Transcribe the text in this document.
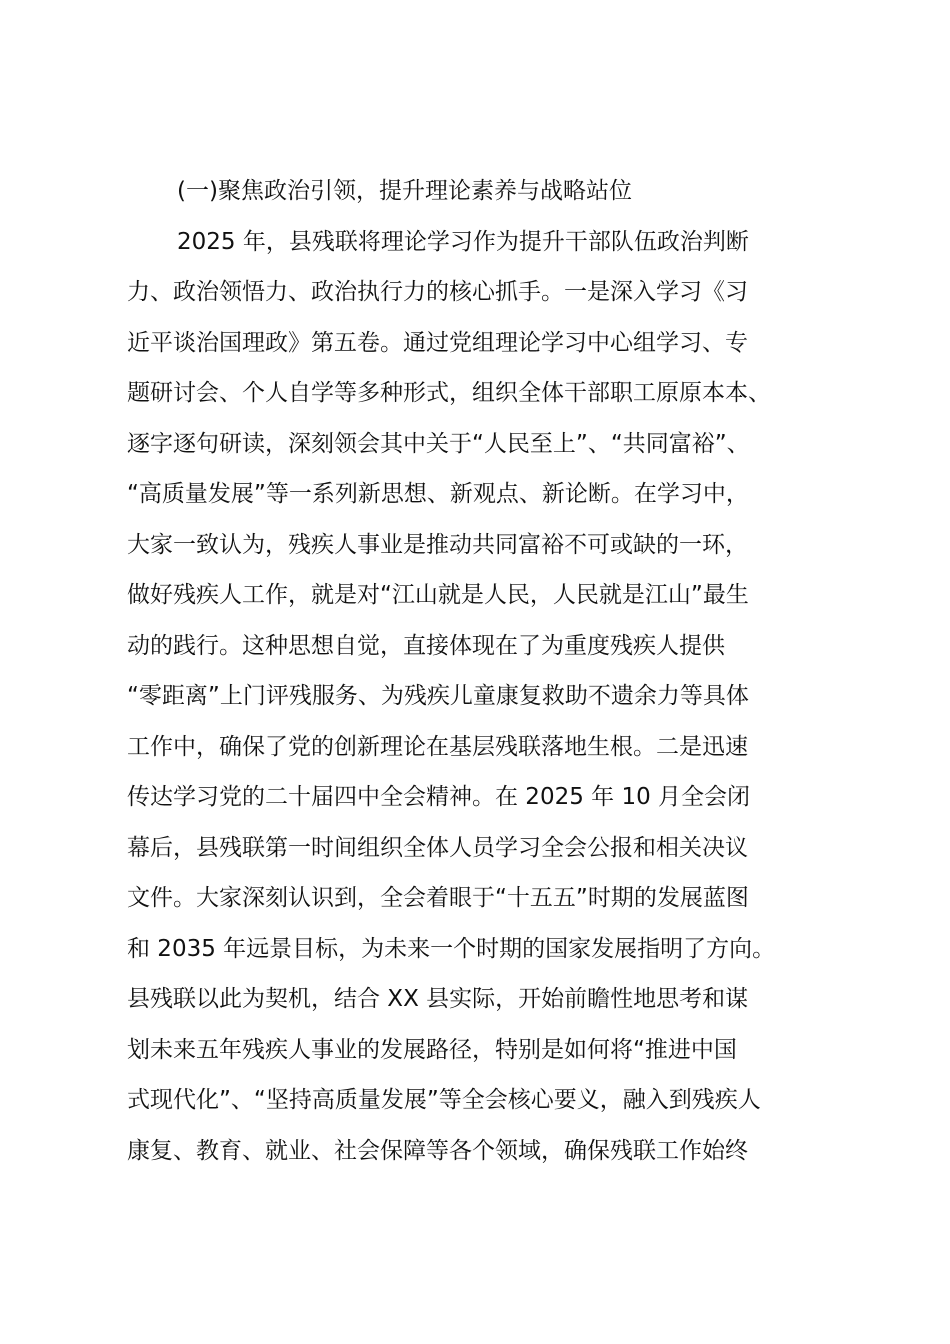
(一)聚焦政治引领，提升理论素养与战略站位
2025 年，县残联将理论学习作为提升干部队伍政治判断
力、政治领悟力、政治执行力的核心抓手。一是深入学习《习
近平谈治国理政》第五卷。通过党组理论学习中心组学习、专
题研讨会、个人自学等多种形式，组织全体干部职工原原本本、
逐字逐句研读，深刻领会其中关于“人民至上”、“共同富裕”、
“高质量发展”等一系列新思想、新观点、新论断。在学习中，
大家一致认为，残疾人事业是推动共同富裕不可或缺的一环，
做好残疾人工作，就是对“江山就是人民，人民就是江山”最生
动的践行。这种思想自觉，直接体现在了为重度残疾人提供
“零距离”上门评残服务、为残疾儿童康复救助不遗余力等具体
工作中，确保了党的创新理论在基层残联落地生根。二是迅速
传达学习党的二十届四中全会精神。在 2025 年 10 月全会闭
幕后，县残联第一时间组织全体人员学习全会公报和相关决议
文件。大家深刻认识到，全会着眼于“十五五”时期的发展蓝图
和 2035 年远景目标，为未来一个时期的国家发展指明了方向。
县残联以此为契机，结合 XX 县实际，开始前瞻性地思考和谋
划未来五年残疾人事业的发展路径，特别是如何将“推进中国
式现代化”、“坚持高质量发展”等全会核心要义，融入到残疾人
康复、教育、就业、社会保障等各个领域，确保残联工作始终
